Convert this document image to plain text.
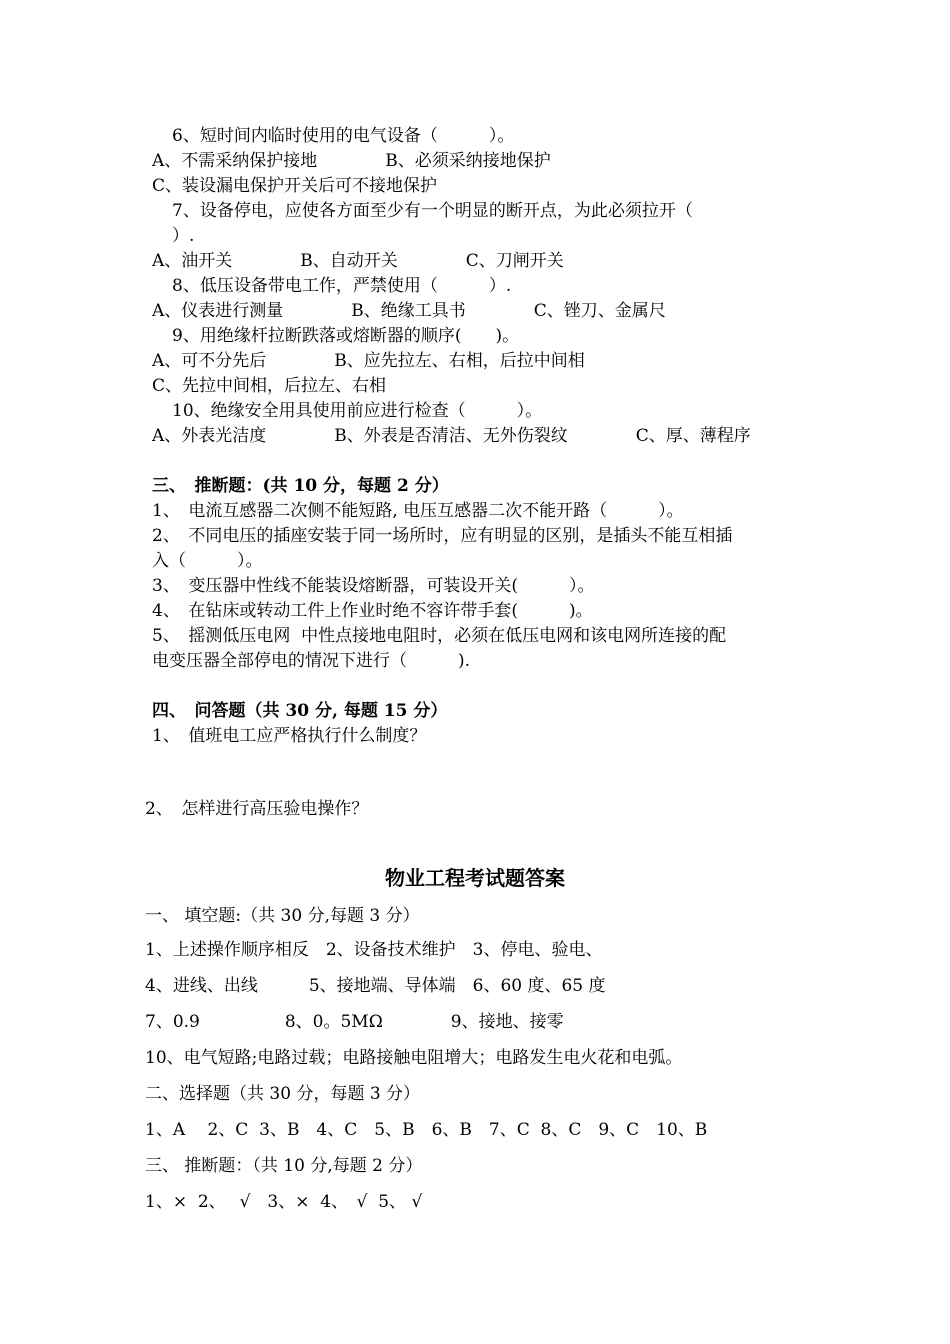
6、短时间内临时使用的电气设备（　　　）。
A、不需采纳保护接地　　　　B、必须采纳接地保护
C、装设漏电保护开关后可不接地保护
7、设备停电，应使各方面至少有一个明显的断开点，为此必须拉开（
）.
A、油开关　　　　B、自动开关　　　　C、刀闸开关
8、低压设备带电工作，严禁使用（　　　）.
A、仪表进行测量　　　　B、绝缘工具书　　　　C、锉刀、金属尺
9、用绝缘杆拉断跌落或熔断器的顺序(　　)。
A、可不分先后　　　　B、应先拉左、右相，后拉中间相
C、先拉中间相，后拉左、右相
10、绝缘安全用具使用前应进行检查（　　　）。
A、外表光洁度　　　　B、外表是否清洁、无外伤裂纹　　　　C、厚、薄程序
三、　推断题：(共 10 分，每题 2 分）
1、　电流互感器二次侧不能短路, 电压互感器二次不能开路（　　　）。
2、　不同电压的插座安装于同一场所时，应有明显的区别，是插头不能互相插
入（　　　）。
3、　变压器中性线不能装设熔断器，可装设开关(　　　）。
4、　在钻床或转动工件上作业时绝不容许带手套(　　　)。
5、　摇测低压电网  中性点接地电阻时，必须在低压电网和该电网所连接的配
电变压器全部停电的情况下进行（　　　).
四、　问答题（共 30 分, 每题 15 分）
1、　值班电工应严格执行什么制度？
2、　怎样进行高压验电操作？
物业工程考试题答案
一、 填空题:（共 30 分,每题 3 分）
1、上述操作顺序相反　2、设备技术维护　3、停电、验电、
4、进线、出线　　　5、接地端、导体端　6、60 度、65 度
7、0.9　　　　　8、0。5MΩ　　　　9、接地、接零
10、电气短路;电路过载；电路接触电阻增大；电路发生电火花和电弧。
二、选择题（共 30 分，每题 3 分）
1、A　 2、C  3、B　4、C　5、B　6、B　7、C  8、C　9、C　10、B
三、 推断题：（共 10 分,每题 2 分）
1、×  2、　 √　3、×  4、　√  5、 √
